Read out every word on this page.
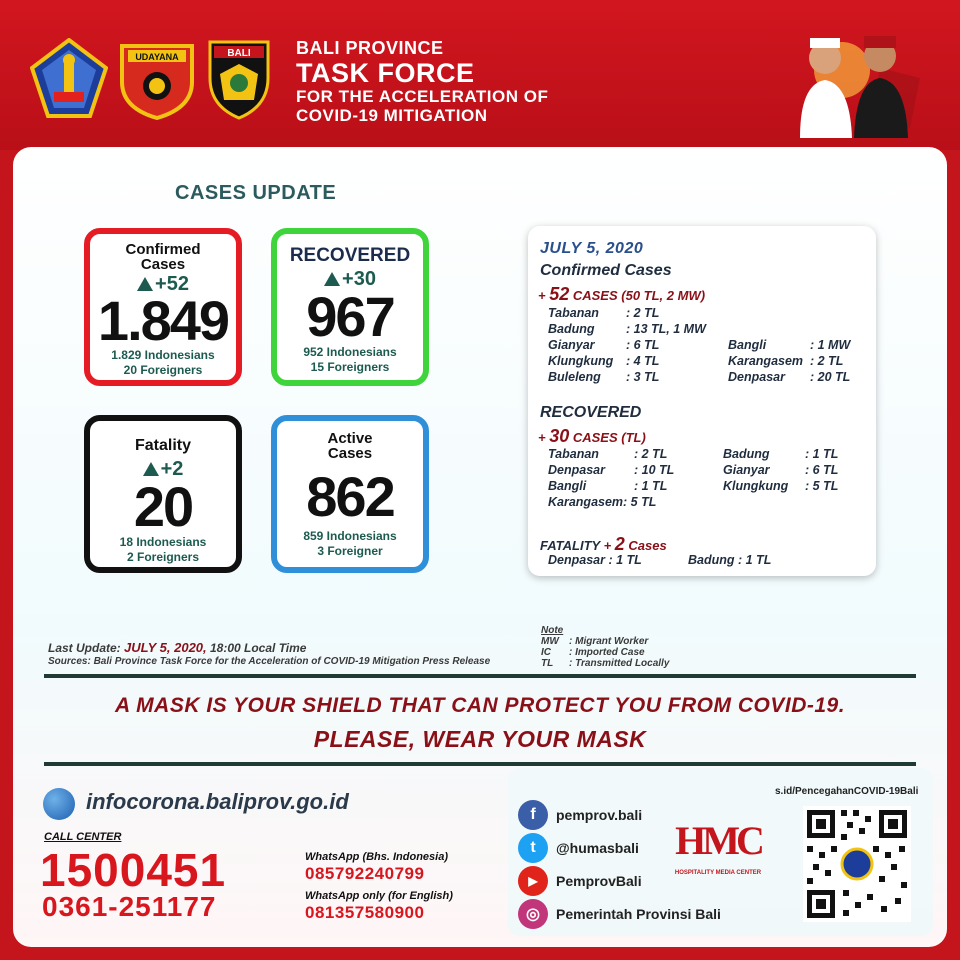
UDAYANA	BALI	BALI PROVINCE
TASK FORCE
FOR THE ACCELERATION OF
COVID-19 MITIGATION
CASES UPDATE
Confirmed
Cases
+52
1.849
1.829 Indonesians
20 Foreigners
RECOVERED
+30
967
952 Indonesians
15 Foreigners
Fatality
+2
20
18 Indonesians
2 Foreigners
Active
Cases
862
859 Indonesians
3 Foreigner
JULY 5, 2020
Confirmed Cases
+ 52 CASES (50 TL, 2 MW)
Tabanan : 2 TL
Badung	: 13 TL, 1 MW
Gianyar	: 6 TL
Klungkung : 4 TL
Buleleng : 3 TL
Bangli	: 1 MW
Karangasem : 2 TL
Denpasar : 20 TL
RECOVERED
+ 30 CASES (TL)
Tabanan	: 2 TL
Denpasar : 10 TL
Bangli	: 1 TL
Karangasem: 5 TL
Badung	: 1 TL
Gianyar	: 6 TL
Klungkung : 5 TL
FATALITY + 2 Cases
Denpasar : 1 TL	Badung : 1 TL
Last Update: JULY 5, 2020, 18:00 Local Time
Sources: Bali Province Task Force for the Acceleration of COVID-19 Mitigation Press Release
Note
MW : Migrant Worker
IC : Imported Case
TL : Transmitted Locally
A MASK IS YOUR SHIELD THAT CAN PROTECT YOU FROM COVID-19.
PLEASE, WEAR YOUR MASK
infocorona.baliprov.go.id
CALL CENTER
1500451
0361-251177
WhatsApp (Bhs. Indonesia)
085792240799
WhatsApp only (for English)
081357580900
f	pemprov.bali
t	@humasbali
▶	PemprovBali
◎	Pemerintah Provinsi Bali
HMC
HOSPITALITY MEDIA CENTER
s.id/PencegahanCOVID-19Bali
